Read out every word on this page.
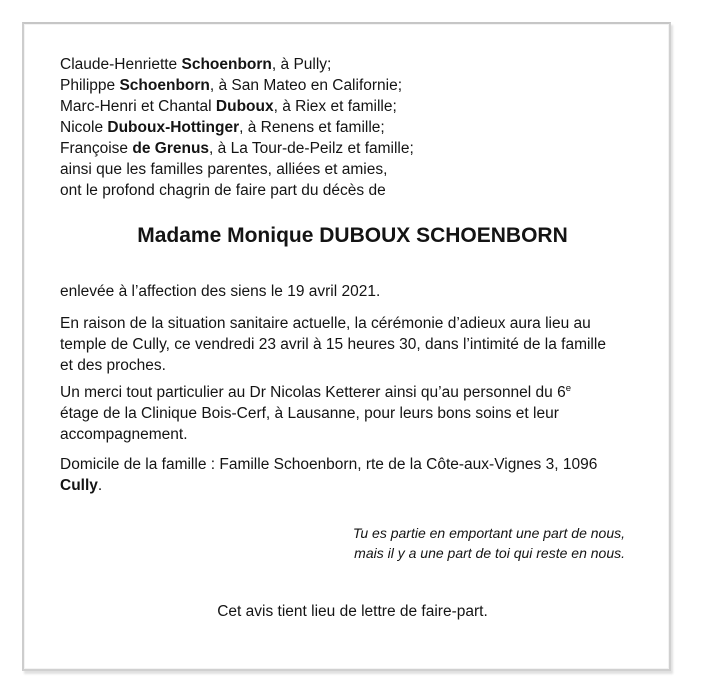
Claude-Henriette Schoenborn, à Pully;
Philippe Schoenborn, à San Mateo en Californie;
Marc-Henri et Chantal Duboux, à Riex et famille;
Nicole Duboux-Hottinger, à Renens et famille;
Françoise de Grenus, à La Tour-de-Peilz et famille;
ainsi que les familles parentes, alliées et amies,
ont le profond chagrin de faire part du décès de

Madame Monique DUBOUX SCHOENBORN

enlevée à l’affection des siens le 19 avril 2021.

En raison de la situation sanitaire actuelle, la cérémonie d’adieux aura lieu au
temple de Cully, ce vendredi 23 avril à 15 heures 30, dans l’intimité de la famille
et des proches.

Un merci tout particulier au Dr Nicolas Ketterer ainsi qu’au personnel du 6e
étage de la Clinique Bois-Cerf, à Lausanne, pour leurs bons soins et leur
accompagnement.

Domicile de la famille : Famille Schoenborn, rte de la Côte-aux-Vignes 3, 1096
Cully.

Tu es partie en emportant une part de nous,
mais il y a une part de toi qui reste en nous.

Cet avis tient lieu de lettre de faire-part.
